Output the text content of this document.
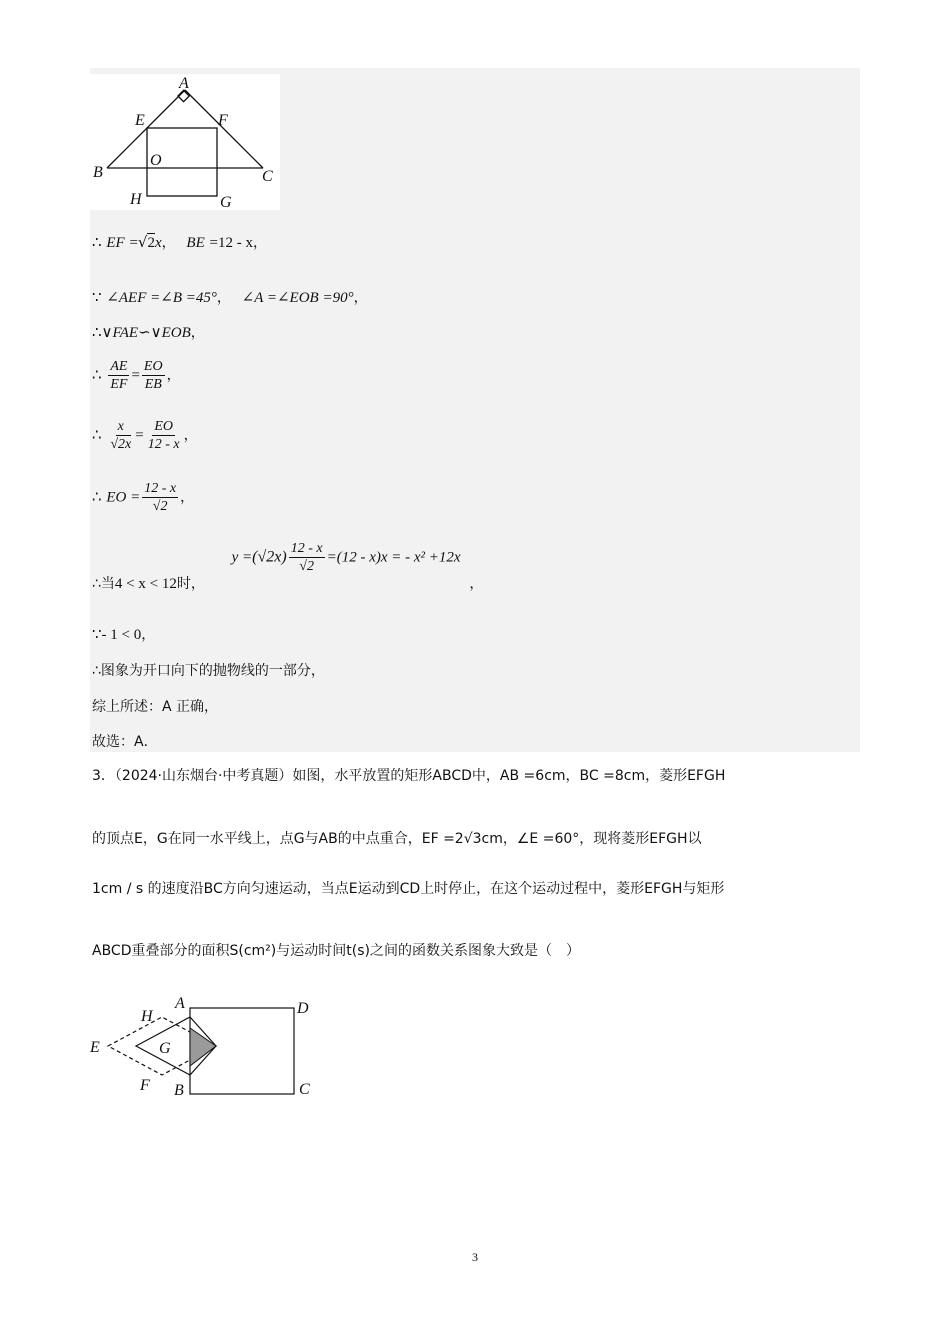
A
E	F
B
O
C
H	G
∴ EF =√2x， BE =12 - x，
∵ ∠AEF =∠B =45°， ∠A =∠EOB =90°，
∴∨FAE∽∨EOB，
∴ $\frac{AE}{EF} = \frac{EO}{EB}$ ，
∴ $\frac{x}{√2x} = \frac{EO}{12 - x}$ ，
∴ EO = $\frac{12 - x}{√2}$ ，
∴当4 < x < 12时， $y =(√2x) \frac{12 - x}{√2} =(12 - x)x$ = - x² +12x ，
∵- 1 < 0，
∴图象为开口向下的抛物线的一部分，
综上所述：A 正确，
故选：A．
3．（2024·山东烟台·中考真题）如图，水平放置的矩形ABCD中，AB =6cm，BC =8cm，菱形EFGH
的顶点E，G在同一水平线上，点G与AB的中点重合，EF =2√3cm，∠E =60°，现将菱形EFGH以
1cm / s 的速度沿BC方向匀速运动，当点E运动到CD上时停止，在这个运动过程中，菱形EFGH与矩形
ABCD重叠部分的面积S(cm²)与运动时间t(s)之间的函数关系图象大致是（　）
A	D
H
E	G
F B	C
3
